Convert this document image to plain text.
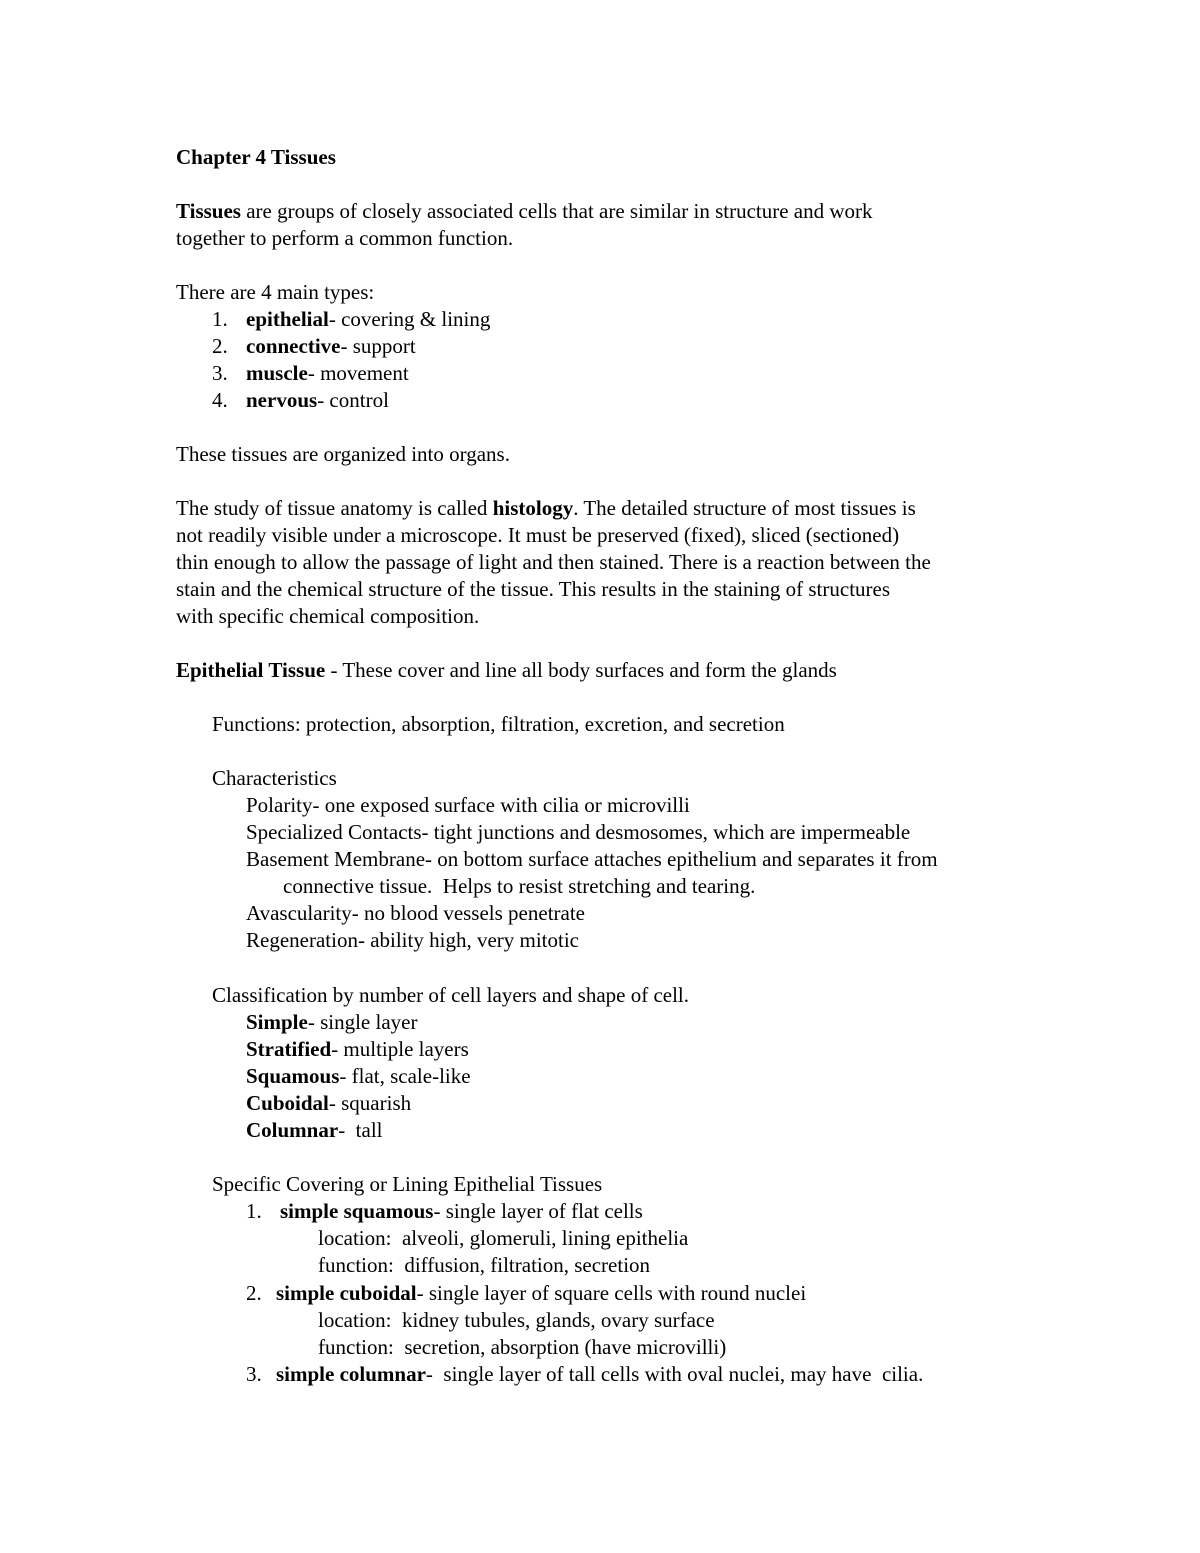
Chapter 4 Tissues

Tissues are groups of closely associated cells that are similar in structure and work

together to perform a common function.

There are 4 main types:

1. epithelial- covering & lining

2. connective- support

3. muscle- movement

4. nervous- control

These tissues are organized into organs.

The study of tissue anatomy is called histology. The detailed structure of most tissues is

not readily visible under a microscope. It must be preserved (fixed), sliced (sectioned)

thin enough to allow the passage of light and then stained. There is a reaction between the

stain and the chemical structure of the tissue. This results in the staining of structures

with specific chemical composition.

Epithelial Tissue - These cover and line all body surfaces and form the glands

Functions: protection, absorption, filtration, excretion, and secretion

Characteristics

Polarity- one exposed surface with cilia or microvilli

Specialized Contacts- tight junctions and desmosomes, which are impermeable

Basement Membrane- on bottom surface attaches epithelium and separates it from

connective tissue.  Helps to resist stretching and tearing.

Avascularity- no blood vessels penetrate

Regeneration- ability high, very mitotic

Classification by number of cell layers and shape of cell.

Simple- single layer

Stratified- multiple layers

Squamous- flat, scale-like

Cuboidal- squarish

Columnar-  tall

Specific Covering or Lining Epithelial Tissues

1. simple squamous- single layer of flat cells

location:  alveoli, glomeruli, lining epithelia

function:  diffusion, filtration, secretion

2. simple cuboidal- single layer of square cells with round nuclei

location:  kidney tubules, glands, ovary surface

function:  secretion, absorption (have microvilli)

3. simple columnar-  single layer of tall cells with oval nuclei, may have  cilia.
